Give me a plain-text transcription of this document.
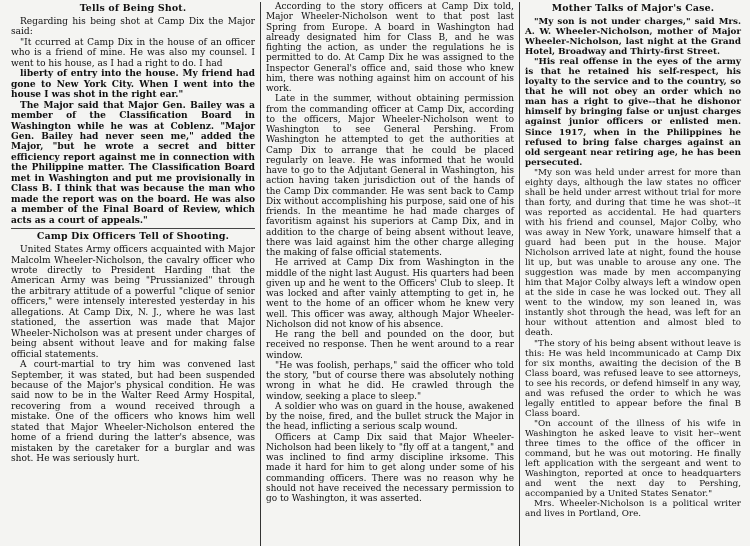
Tells of Being Shot.

Regarding his being shot at Camp Dix the Major said:

"It ccurred at Camp Dix in the house of an officer who is a friend of mine. He was also my counsel. I went to his house, as I had a right to do. I had

liberty of entry into the house. My friend had gone to New York City. When I went into the house I was shot in the right ear."

The Major said that Major Gen. Bailey was a member of the Classification Board in Washington while he was at Coblenz. "Major Gen. Bailey had never seen me," added the Major, "but he wrote a secret and bitter efficiency report against me in connection with the Philippine matter. The Classification Board met in Washington and put me provisionally in Class B. I think that was because the man who made the report was on the board. He was also a member of the Final Board of Review, which acts as a court of appeals."

Camp Dix Officers Tell of Shooting.

United States Army officers acquainted with Major Malcolm Wheeler-Nicholson, the cavalry officer who wrote directly to President Harding that the American Army was being "Prussianized" through the arbitrary attitude of a powerful "clique of senior officers," were intensely interested yesterday in his allegations. At Camp Dix, N. J., where he was last stationed, the assertion was made that Major Wheeler-Nicholson was at present under charges of being absent without leave and for making false official statements.

A court-martial to try him was convened last September, it was stated, but had been suspended because of the Major's physical condition. He was said now to be in the Walter Reed Army Hospital, recovering from a wound received through a mistake. One of the officers who knows him well stated that Major Wheeler-Nicholson entered the home of a friend during the latter's absence, was mistaken by the caretaker for a burglar and was shot. He was seriously hurt.

According to the story officers at Camp Dix told, Major Wheeler-Nicholson went to that post last Spring from Europe. A board in Washington had already designated him for Class B, and he was fighting the action, as under the regulations he is permitted to do. At Camp Dix he was assigned to the Inspector General's office and, said those who knew him, there was nothing against him on account of his work.

Late in the summer, without obtaining permission from the commanding officer at Camp Dix, according to the officers, Major Wheeler-Nicholson went to Washington to see General Pershing. From Washington he attempted to get the authorities at Camp Dix to arrange that he could be placed regularly on leave. He was informed that he would have to go to the Adjutant General in Washington, his action having taken jurisdiction out of the hands of the Camp Dix commander. He was sent back to Camp Dix without accomplishing his purpose, said one of his friends. In the meantime he had made charges of favoritism against his superiors at Camp Dix, and in addition to the charge of being absent without leave, there was laid against him the other charge alleging the making of false official statements.

He arrived at Camp Dix from Washington in the middle of the night last August. His quarters had been given up and he went to the Officers' Club to sleep. It was locked and after vainly attempting to get in, he went to the home of an officer whom he knew very well. This officer was away, although Major Wheeler-Nicholson did not know of his absence.

He rang the bell and pounded on the door, but received no response. Then he went around to a rear window.

"He was foolish, perhaps," said the officer who told the story, "but of course there was absolutely nothing wrong in what he did. He crawled through the window, seeking a place to sleep."

A soldier who was on guard in the house, awakened by the noise, fired, and the bullet struck the Major in the head, inflicting a serious scalp wound.

Officers at Camp Dix said that Major Wheeler-Nicholson had been likely to "fly off at a tangent," and was inclined to find army discipline irksome. This made it hard for him to get along under some of his commanding officers. There was no reason why he should not have received the necessary permission to go to Washington, it was asserted.

Mother Talks of Major's Case.

"My son is not under charges," said Mrs. A. W. Wheeler-Nicholson, mother of Major Wheeler-Nicholson, last night at the Grand Hotel, Broadway and Thirty-first Street.

"His real offense in the eyes of the army is that he retained his self-respect, his loyalty to the service and to the country, so that he will not obey an order which no man has a right to give--that he dishonor himself by bringing false or unjust charges against junior officers or enlisted men. Since 1917, when in the Philippines he refused to bring false charges against an old sergeant near retiring age, he has been persecuted.

"My son was held under arrest for more than eighty days, although the law states no officer shall be held under arrest without trial for more than forty, and during that time he was shot--it was reported as accidental. He had quarters with his friend and counsel, Major Colby, who was away in New York, unaware himself that a guard had been put in the house. Major Nicholson arrived late at night, found the house lit up, but was unable to arouse any one. The suggestion was made by men accompanying him that Major Colby always left a window open at the side in case he was locked out. They all went to the window, my son leaned in, was instantly shot through the head, was left for an hour without attention and almost bled to death.

"The story of his being absent without leave is this: He was held incommunicado at Camp Dix for six months, awaiting the decision of the B Class board, was refused leave to see attorneys, to see his records, or defend himself in any way, and was refused the order to which he was legally entitled to appear before the final B Class board.

"On account of the illness of his wife in Washington he asked leave to visit her--went three times to the office of the officer in command, but he was out motoring. He finally left application with the sergeant and went to Washington, reported at once to headquarters and went the next day to Pershing, accompanied by a United States Senator."

Mrs. Wheeler-Nicholson is a political writer and lives in Portland, Ore.
